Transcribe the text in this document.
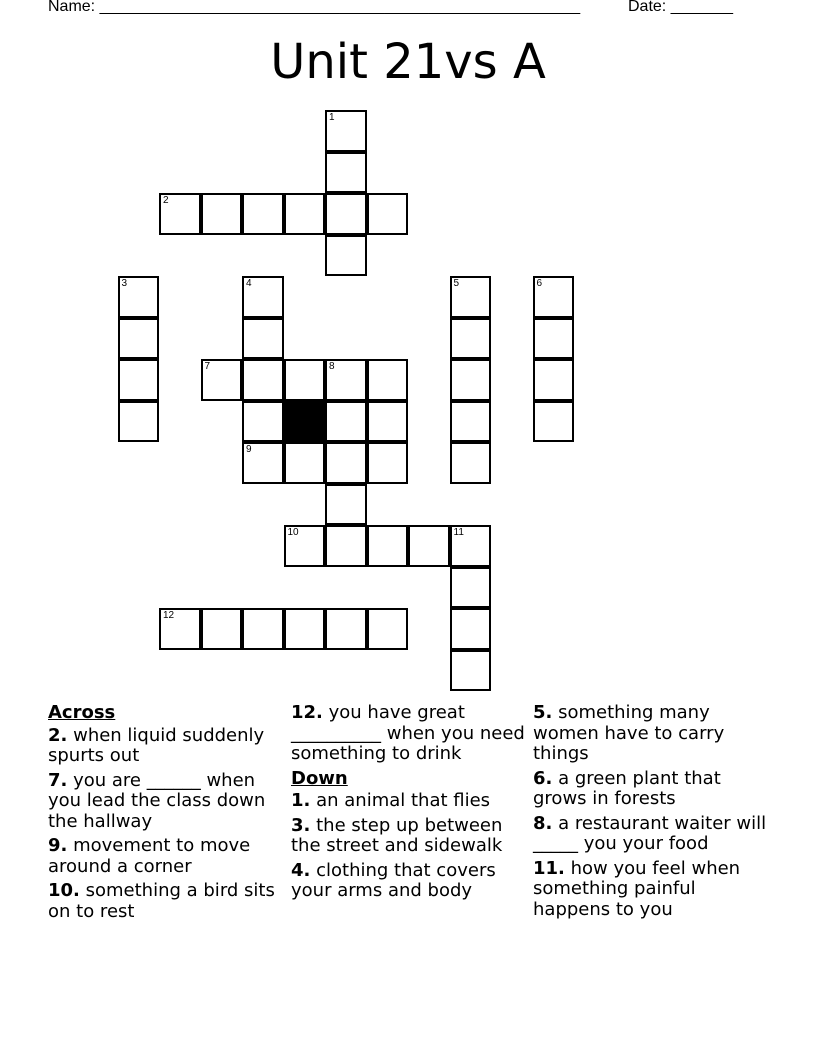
Name: ______________________________________________________	Date: _______
Unit 21vs A
1
2
3	4	5	6
7	8
9
10	11
12
Across
2. when liquid suddenly spurts out
7. you are ______ when you lead the class down the hallway
9. movement to move around a corner
10. something a bird sits on to rest
12. you have great __________ when you need something to drink
Down
1. an animal that flies
3. the step up between the street and sidewalk
4. clothing that covers your arms and body
5. something many women have to carry things
6. a green plant that grows in forests
8. a restaurant waiter will _____ you your food
11. how you feel when something painful happens to you
